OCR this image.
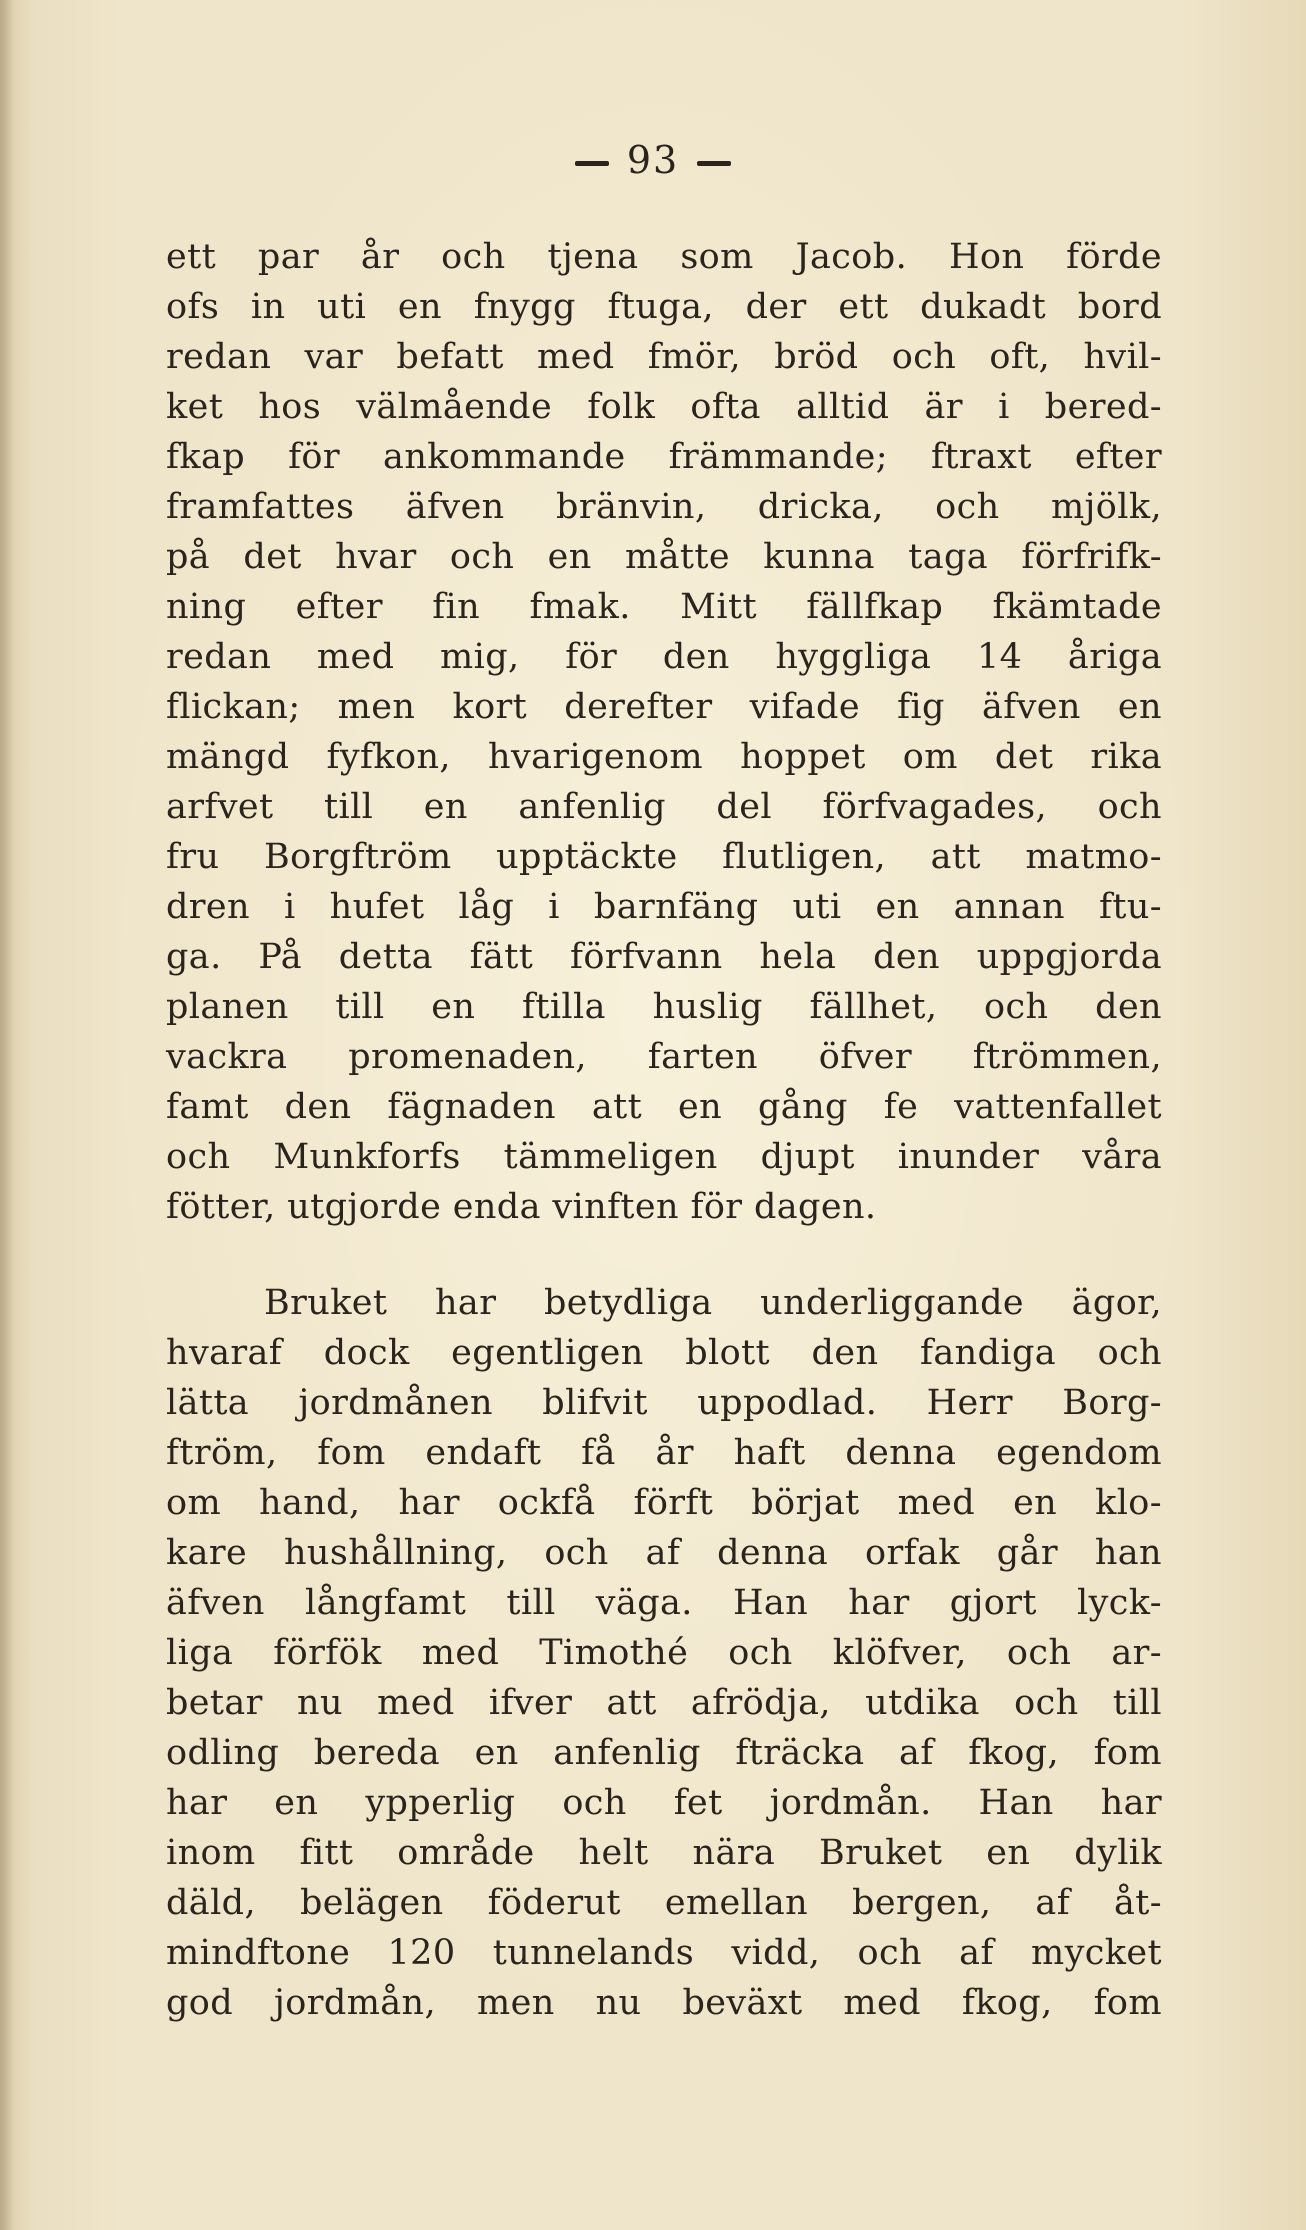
93
ett par år och tjena som Jacob. Hon förde
ofs in uti en fnygg ftuga, der ett dukadt bord
redan var befatt med fmör, bröd och oft, hvil-
ket hos välmående folk ofta alltid är i bered-
fkap för ankommande främmande; ftraxt efter
framfattes äfven bränvin, dricka, och mjölk,
på det hvar och en måtte kunna taga förfrifk-
ning efter fin fmak. Mitt fällfkap fkämtade
redan med mig, för den hyggliga 14 åriga
flickan; men kort derefter vifade fig äfven en
mängd fyfkon, hvarigenom hoppet om det rika
arfvet till en anfenlig del förfvagades, och
fru Borgftröm upptäckte flutligen, att matmo-
dren i hufet låg i barnfäng uti en annan ftu-
ga. På detta fätt förfvann hela den uppgjorda
planen till en ftilla huslig fällhet, och den
vackra promenaden, farten öfver ftrömmen,
famt den fägnaden att en gång fe vattenfallet
och Munkforfs tämmeligen djupt inunder våra
fötter, utgjorde enda vinften för dagen.
Bruket har betydliga underliggande ägor,
hvaraf dock egentligen blott den fandiga och
lätta jordmånen blifvit uppodlad. Herr Borg-
ftröm, fom endaft få år haft denna egendom
om hand, har ockfå förft börjat med en klo-
kare hushållning, och af denna orfak går han
äfven långfamt till väga. Han har gjort lyck-
liga förfök med Timothé och klöfver, och ar-
betar nu med ifver att afrödja, utdika och till
odling bereda en anfenlig fträcka af fkog, fom
har en ypperlig och fet jordmån. Han har
inom fitt område helt nära Bruket en dylik
däld, belägen föderut emellan bergen, af åt-
mindftone 120 tunnelands vidd, och af mycket
god jordmån, men nu beväxt med fkog, fom
